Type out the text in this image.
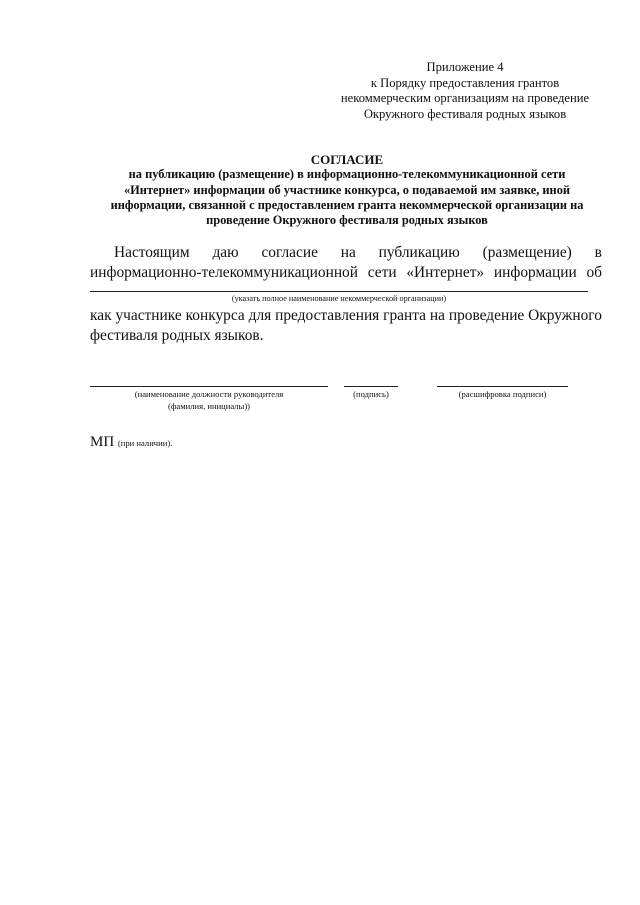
Приложение 4
к Порядку предоставления грантов
некоммерческим организациям на проведение
Окружного фестиваля родных языков
СОГЛАСИЕ
на публикацию (размещение) в информационно-телекоммуникационной сети
«Интернет» информации об участнике конкурса, о подаваемой им заявке, иной
информации, связанной с предоставлением гранта некоммерческой организации на
проведение Окружного фестиваля родных языков
Настоящим даю согласие на публикацию (размещение) в
информационно-телекоммуникационной сети «Интернет» информации об
(указать полное наименование некоммерческой организации)
как участнике конкурса для предоставления гранта на проведение Окружного
фестиваля родных языков.
(наименование должности руководителя
(фамилия, инициалы))
(подпись)	(расшифровка подписи)
МП (при наличии).
